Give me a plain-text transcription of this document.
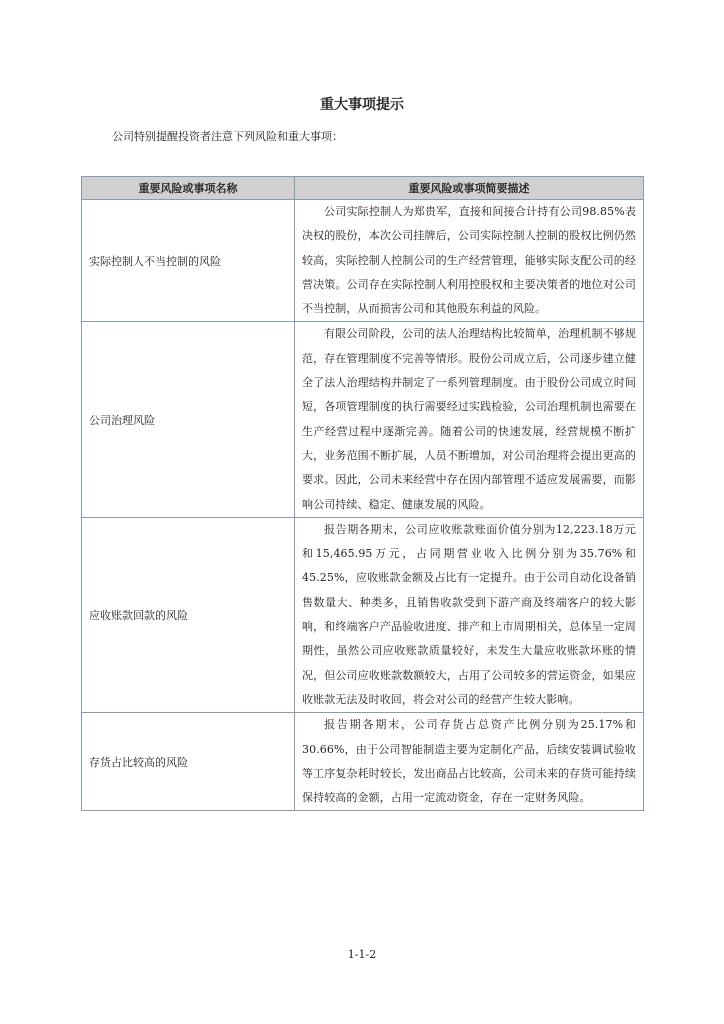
重大事项提示

公司特别提醒投资者注意下列风险和重大事项：

重要风险或事项名称	重要风险或事项简要描述
实际控制人不当控制的风险	公司实际控制人为郑贵军，直接和间接合计持有公司98.85%表决权的股份，本次公司挂牌后，公司实际控制人控制的股权比例仍然较高，实际控制人控制公司的生产经营管理，能够实际支配公司的经营决策。公司存在实际控制人利用控股权和主要决策者的地位对公司不当控制，从而损害公司和其他股东利益的风险。
公司治理风险	有限公司阶段，公司的法人治理结构比较简单，治理机制不够规范，存在管理制度不完善等情形。股份公司成立后，公司逐步建立健全了法人治理结构并制定了一系列管理制度。由于股份公司成立时间短，各项管理制度的执行需要经过实践检验，公司治理机制也需要在生产经营过程中逐渐完善。随着公司的快速发展，经营规模不断扩大，业务范围不断扩展，人员不断增加，对公司治理将会提出更高的要求。因此，公司未来经营中存在因内部管理不适应发展需要，而影响公司持续、稳定、健康发展的风险。
应收账款回款的风险	报告期各期末，公司应收账款账面价值分别为12,223.18万元和15,465.95万元，占同期营业收入比例分别为35.76%和45.25%，应收账款金额及占比有一定提升。由于公司自动化设备销售数量大、种类多，且销售收款受到下游产商及终端客户的较大影响，和终端客户产品验收进度、排产和上市周期相关，总体呈一定周期性，虽然公司应收账款质量较好，未发生大量应收账款坏账的情况，但公司应收账款数额较大，占用了公司较多的营运资金，如果应收账款无法及时收回，将会对公司的经营产生较大影响。
存货占比较高的风险	报告期各期末，公司存货占总资产比例分别为25.17%和30.66%，由于公司智能制造主要为定制化产品，后续安装调试验收等工序复杂耗时较长，发出商品占比较高，公司未来的存货可能持续保持较高的金额，占用一定流动资金，存在一定财务风险。

1-1-2
